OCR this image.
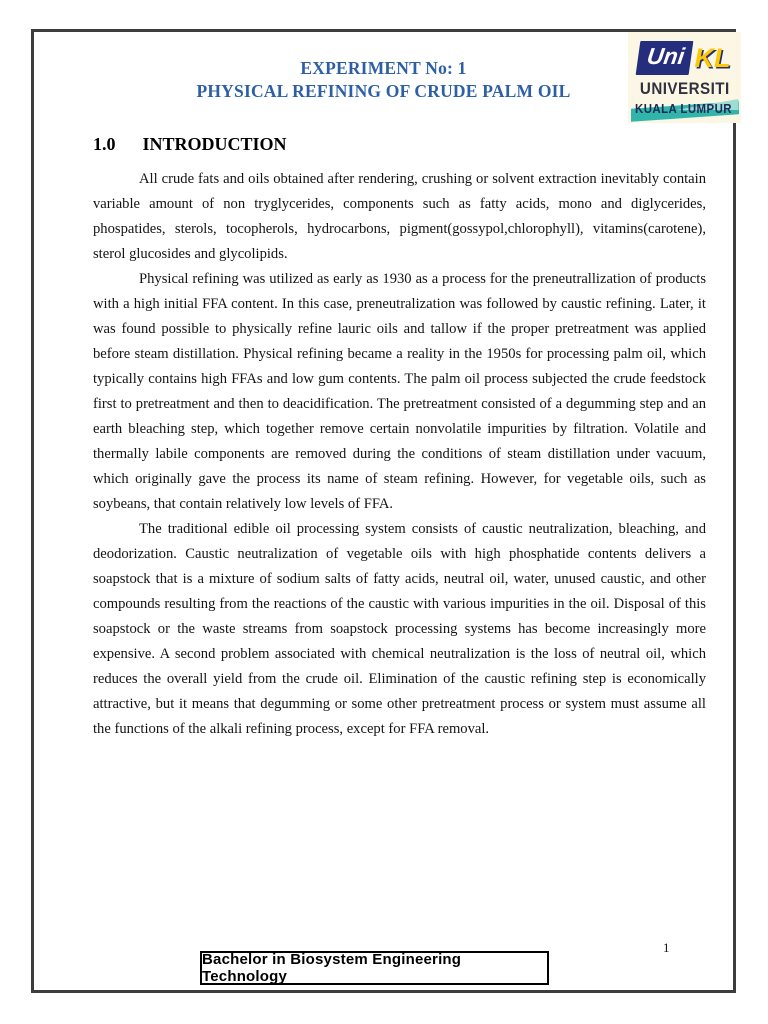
EXPERIMENT No: 1
PHYSICAL REFINING OF CRUDE PALM OIL
Uni KL
UNIVERSITI
KUALA LUMPUR
1.0 INTRODUCTION

All crude fats and oils obtained after rendering, crushing or solvent extraction inevitably contain variable amount of non tryglycerides, components such as fatty acids, mono and diglycerides, phospatides, sterols, tocopherols, hydrocarbons, pigment(gossypol,chlorophyll), vitamins(carotene), sterol glucosides and glycolipids.

Physical refining was utilized as early as 1930 as a process for the preneutrallization of products with a high initial FFA content. In this case, preneutralization was followed by caustic refining. Later, it was found possible to physically refine lauric oils and tallow if the proper pretreatment was applied before steam distillation. Physical refining became a reality in the 1950s for processing palm oil, which typically contains high FFAs and low gum contents. The palm oil process subjected the crude feedstock first to pretreatment and then to deacidification. The pretreatment consisted of a degumming step and an earth bleaching step, which together remove certain nonvolatile impurities by filtration. Volatile and thermally labile components are removed during the conditions of steam distillation under vacuum, which originally gave the process its name of steam refining. However, for vegetable oils, such as soybeans, that contain relatively low levels of FFA.

The traditional edible oil processing system consists of caustic neutralization, bleaching, and deodorization. Caustic neutralization of vegetable oils with high phosphatide contents delivers a soapstock that is a mixture of sodium salts of fatty acids, neutral oil, water, unused caustic, and other compounds resulting from the reactions of the caustic with various impurities in the oil. Disposal of this soapstock or the waste streams from soapstock processing systems has become increasingly more expensive. A second problem associated with chemical neutralization is the loss of neutral oil, which reduces the overall yield from the crude oil. Elimination of the caustic refining step is economically attractive, but it means that degumming or some other pretreatment process or system must assume all the functions of the alkali refining process, except for FFA removal.

Bachelor in Biosystem Engineering Technology
1
